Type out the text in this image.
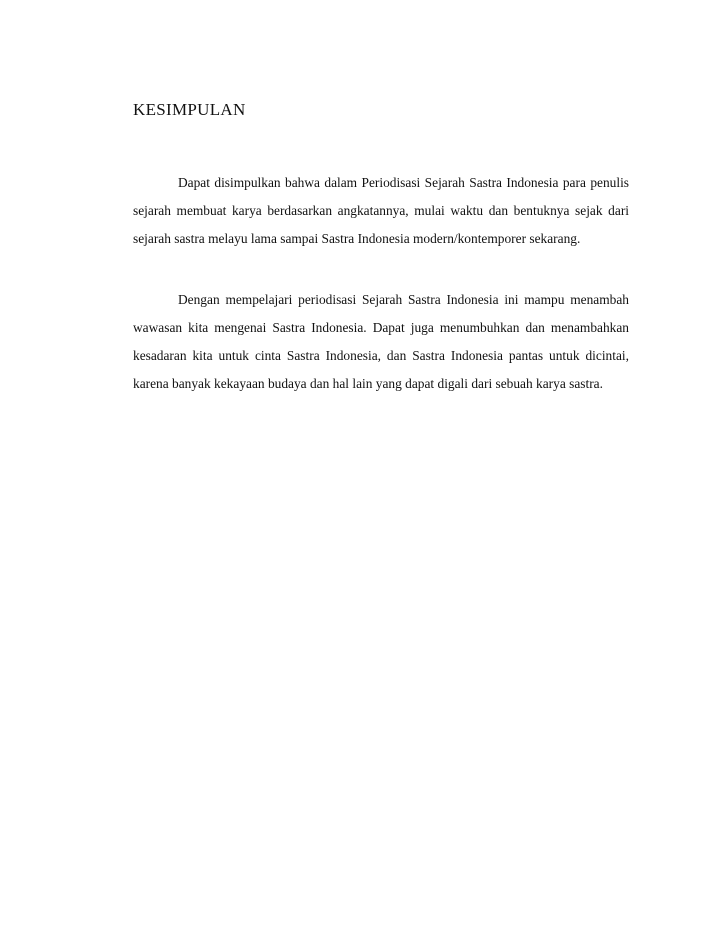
KESIMPULAN

Dapat disimpulkan bahwa dalam Periodisasi Sejarah Sastra Indonesia para penulis sejarah membuat karya berdasarkan angkatannya, mulai waktu dan bentuknya sejak dari sejarah sastra melayu lama sampai Sastra Indonesia modern/kontemporer sekarang.

Dengan mempelajari periodisasi Sejarah Sastra Indonesia ini mampu menambah wawasan kita mengenai Sastra Indonesia. Dapat juga menumbuhkan dan menambahkan kesadaran kita untuk cinta Sastra Indonesia, dan Sastra Indonesia pantas untuk dicintai, karena banyak kekayaan budaya dan hal lain yang dapat digali dari sebuah karya sastra.
